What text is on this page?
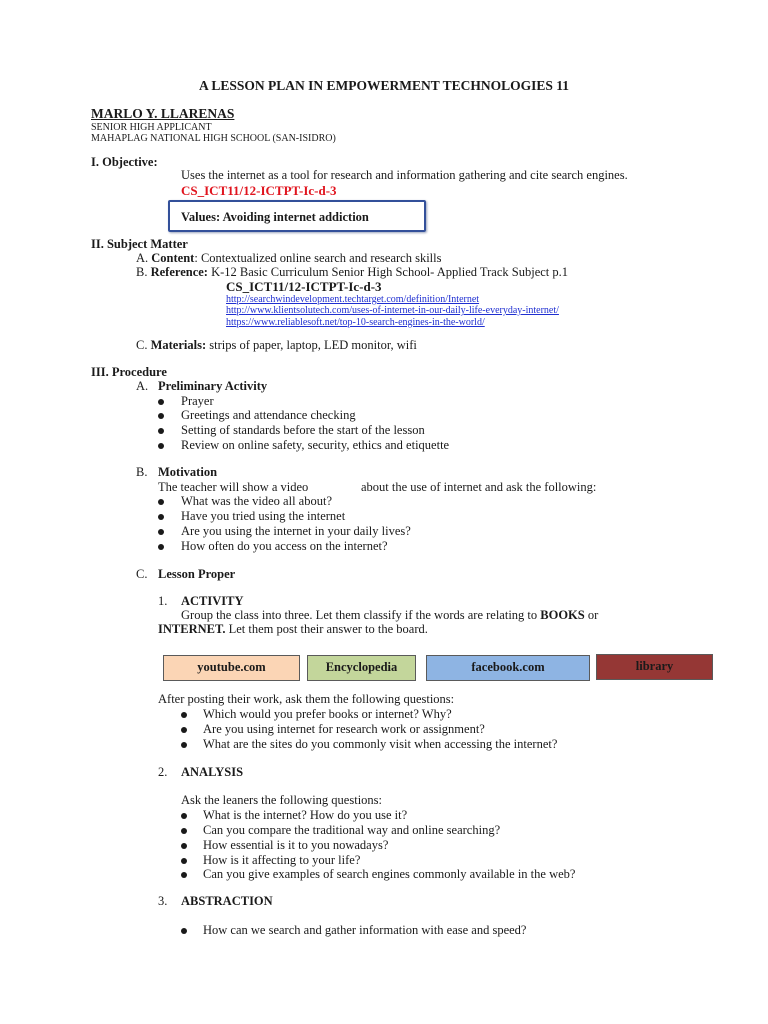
A LESSON PLAN IN EMPOWERMENT TECHNOLOGIES 11
MARLO Y. LLARENAS
SENIOR HIGH APPLICANT
MAHAPLAG NATIONAL HIGH SCHOOL (SAN-ISIDRO)
I. Objective:
Uses the internet as a tool for research and information gathering and cite search engines.
CS_ICT11/12-ICTPT-Ic-d-3
Values: Avoiding internet addiction
II. Subject Matter
A. Content: Contextualized online search and research skills
B. Reference: K-12 Basic Curriculum Senior High School- Applied Track Subject p.1
CS_ICT11/12-ICTPT-Ic-d-3
http://searchwindevelopment.techtarget.com/definition/Internet
http://www.klientsolutech.com/uses-of-internet-in-our-daily-life-everyday-internet/
https://www.reliablesoft.net/top-10-search-engines-in-the-world/
C. Materials: strips of paper, laptop, LED monitor, wifi
III. Procedure
A. Preliminary Activity
Prayer
Greetings and attendance checking
Setting of standards before the start of the lesson
Review on online safety, security, ethics and etiquette
B. Motivation
The teacher will show a video	about the use of internet and ask the following:
What was the video all about?
Have you tried using the internet
Are you using the internet in your daily lives?
How often do you access on the internet?
C. Lesson Proper
1. ACTIVITY
Group the class into three. Let them classify if the words are relating to BOOKS or
INTERNET. Let them post their answer to the board.
youtube.com	Encyclopedia	facebook.com	library
After posting their work, ask them the following questions:
Which would you prefer books or internet? Why?
Are you using internet for research work or assignment?
What are the sites do you commonly visit when accessing the internet?
2. ANALYSIS
Ask the leaners the following questions:
What is the internet? How do you use it?
Can you compare the traditional way and online searching?
How essential is it to you nowadays?
How is it affecting to your life?
Can you give examples of search engines commonly available in the web?
3. ABSTRACTION
How can we search and gather information with ease and speed?
